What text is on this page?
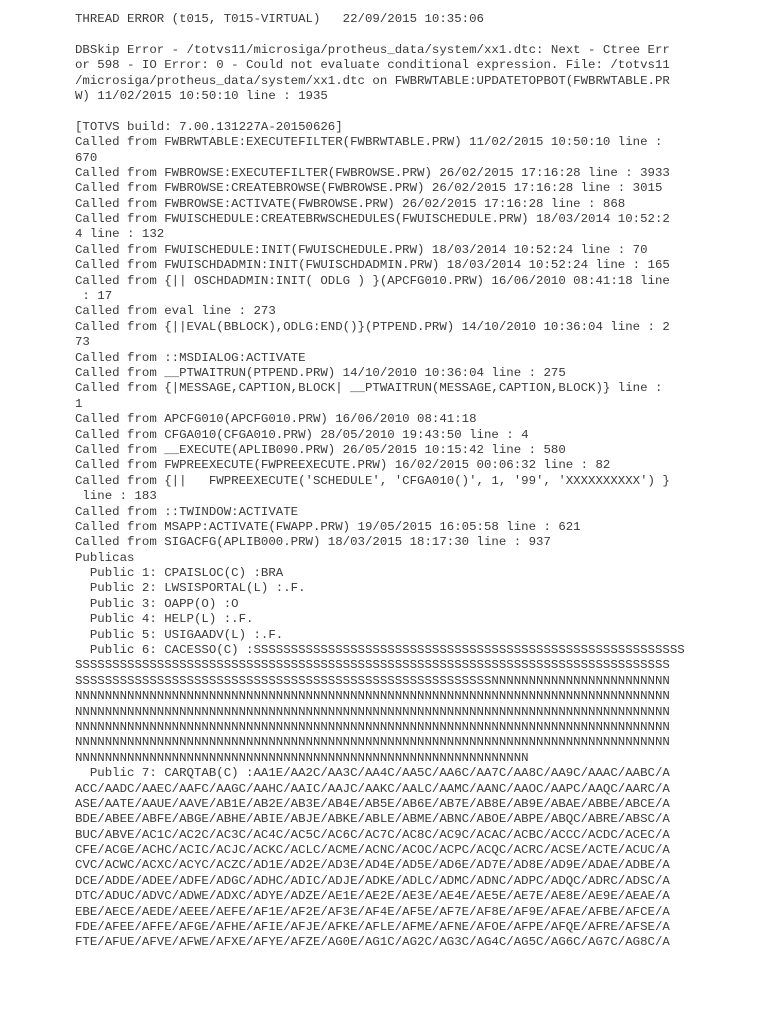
THREAD ERROR (t015, T015-VIRTUAL)   22/09/2015 10:35:06
DBSkip Error - /totvs11/microsiga/protheus_data/system/xx1.dtc: Next - Ctree Err
or 598 - IO Error: 0 - Could not evaluate conditional expression. File: /totvs11
/microsiga/protheus_data/system/xx1.dtc on FWBRWTABLE:UPDATETOPBOT(FWBRWTABLE.PR
W) 11/02/2015 10:50:10 line : 1935
[TOTVS build: 7.00.131227A-20150626]
Called from FWBRWTABLE:EXECUTEFILTER(FWBRWTABLE.PRW) 11/02/2015 10:50:10 line :
670
Called from FWBROWSE:EXECUTEFILTER(FWBROWSE.PRW) 26/02/2015 17:16:28 line : 3933
Called from FWBROWSE:CREATEBROWSE(FWBROWSE.PRW) 26/02/2015 17:16:28 line : 3015
Called from FWBROWSE:ACTIVATE(FWBROWSE.PRW) 26/02/2015 17:16:28 line : 868
Called from FWUISCHEDULE:CREATEBRWSCHEDULES(FWUISCHEDULE.PRW) 18/03/2014 10:52:2
4 line : 132
Called from FWUISCHEDULE:INIT(FWUISCHEDULE.PRW) 18/03/2014 10:52:24 line : 70
Called from FWUISCHDADMIN:INIT(FWUISCHDADMIN.PRW) 18/03/2014 10:52:24 line : 165
Called from {|| OSCHDADMIN:INIT( ODLG ) }(APCFG010.PRW) 16/06/2010 08:41:18 line
: 17
Called from eval line : 273
Called from {||EVAL(BBLOCK),ODLG:END()}(PTPEND.PRW) 14/10/2010 10:36:04 line : 2
73
Called from ::MSDIALOG:ACTIVATE
Called from __PTWAITRUN(PTPEND.PRW) 14/10/2010 10:36:04 line : 275
Called from {|MESSAGE,CAPTION,BLOCK| __PTWAITRUN(MESSAGE,CAPTION,BLOCK)} line :
1
Called from APCFG010(APCFG010.PRW) 16/06/2010 08:41:18
Called from CFGA010(CFGA010.PRW) 28/05/2010 19:43:50 line : 4
Called from __EXECUTE(APLIB090.PRW) 26/05/2015 10:15:42 line : 580
Called from FWPREEXECUTE(FWPREEXECUTE.PRW) 16/02/2015 00:06:32 line : 82
Called from {||   FWPREEXECUTE('SCHEDULE', 'CFGA010()', 1, '99', 'XXXXXXXXXX') }
line : 183
Called from ::TWINDOW:ACTIVATE
Called from MSAPP:ACTIVATE(FWAPP.PRW) 19/05/2015 16:05:58 line : 621
Called from SIGACFG(APLIB000.PRW) 18/03/2015 18:17:30 line : 937
Publicas
Public 1: CPAISLOC(C) :BRA
Public 2: LWSISPORTAL(L) :.F.
Public 3: OAPP(O) :O
Public 4: HELP(L) :.F.
Public 5: USIGAADV(L) :.F.
Public 6: CACESSO(C) :SSSSSSSSSSSSSSSSSSSSSSSSSSSSSSSSSSSSSSSSSSSSSSSSSSSSSSSSSS
SSSSSSSSSSSSSSSSSSSSSSSSSSSSSSSSSSSSSSSSSSSSSSSSSSSSSSSSSSSSSSSSSSSSSSSSSSSSSSSS
SSSSSSSSSSSSSSSSSSSSSSSSSSSSSSSSSSSSSSSSSSSSSSSSSSSSSSSSNNNNNNNNNNNNNNNNNNNNNNNN
NNNNNNNNNNNNNNNNNNNNNNNNNNNNNNNNNNNNNNNNNNNNNNNNNNNNNNNNNNNNNNNNNNNNNNNNNNNNNNNN
NNNNNNNNNNNNNNNNNNNNNNNNNNNNNNNNNNNNNNNNNNNNNNNNNNNNNNNNNNNNNNNNNNNNNNNNNNNNNNNN
NNNNNNNNNNNNNNNNNNNNNNNNNNNNNNNNNNNNNNNNNNNNNNNNNNNNNNNNNNNNNNNNNNNNNNNNNNNNNNNN
NNNNNNNNNNNNNNNNNNNNNNNNNNNNNNNNNNNNNNNNNNNNNNNNNNNNNNNNNNNNNNNNNNNNNNNNNNNNNNNN
NNNNNNNNNNNNNNNNNNNNNNNNNNNNNNNNNNNNNNNNNNNNNNNNNNNNNNNNNNNNN
Public 7: CARQTAB(C) :AA1E/AA2C/AA3C/AA4C/AA5C/AA6C/AA7C/AA8C/AA9C/AAAC/AABC/A
ACC/AADC/AAEC/AAFC/AAGC/AAHC/AAIC/AAJC/AAKC/AALC/AAMC/AANC/AAOC/AAPC/AAQC/AARC/A
ASE/AATE/AAUE/AAVE/AB1E/AB2E/AB3E/AB4E/AB5E/AB6E/AB7E/AB8E/AB9E/ABAE/ABBE/ABCE/A
BDE/ABEE/ABFE/ABGE/ABHE/ABIE/ABJE/ABKE/ABLE/ABME/ABNC/ABOE/ABPE/ABQC/ABRE/ABSC/A
BUC/ABVE/AC1C/AC2C/AC3C/AC4C/AC5C/AC6C/AC7C/AC8C/AC9C/ACAC/ACBC/ACCC/ACDC/ACEC/A
CFE/ACGE/ACHC/ACIC/ACJC/ACKC/ACLC/ACME/ACNC/ACOC/ACPC/ACQC/ACRC/ACSE/ACTE/ACUC/A
CVC/ACWC/ACXC/ACYC/ACZC/AD1E/AD2E/AD3E/AD4E/AD5E/AD6E/AD7E/AD8E/AD9E/ADAE/ADBE/A
DCE/ADDE/ADEE/ADFE/ADGC/ADHC/ADIC/ADJE/ADKE/ADLC/ADMC/ADNC/ADPC/ADQC/ADRC/ADSC/A
DTC/ADUC/ADVC/ADWE/ADXC/ADYE/ADZE/AE1E/AE2E/AE3E/AE4E/AE5E/AE7E/AE8E/AE9E/AEAE/A
EBE/AECE/AEDE/AEEE/AEFE/AF1E/AF2E/AF3E/AF4E/AF5E/AF7E/AF8E/AF9E/AFAE/AFBE/AFCE/A
FDE/AFEE/AFFE/AFGE/AFHE/AFIE/AFJE/AFKE/AFLE/AFME/AFNE/AFOE/AFPE/AFQE/AFRE/AFSE/A
FTE/AFUE/AFVE/AFWE/AFXE/AFYE/AFZE/AG0E/AG1C/AG2C/AG3C/AG4C/AG5C/AG6C/AG7C/AG8C/A
